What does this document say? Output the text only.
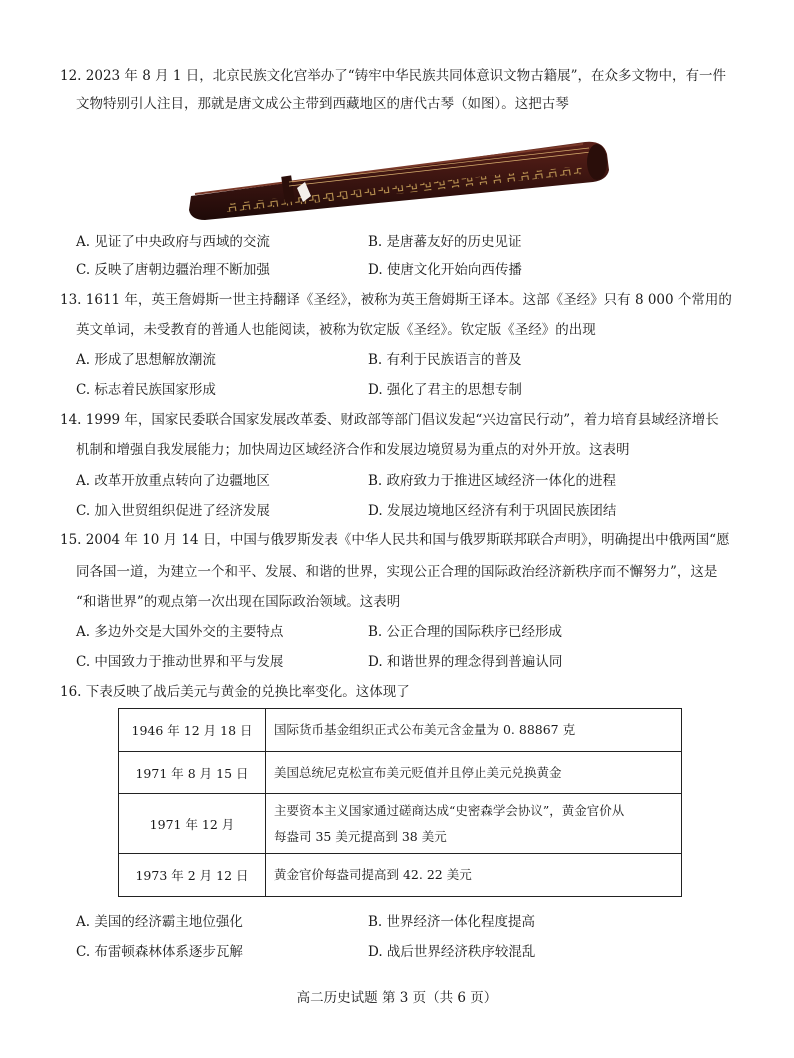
12. 2023 年 8 月 1 日，北京民族文化宫举办了“铸牢中华民族共同体意识文物古籍展”，在众多文物中，有一件
文物特别引人注目，那就是唐文成公主带到西藏地区的唐代古琴（如图）。这把古琴
A. 见证了中央政府与西域的交流	B. 是唐蕃友好的历史见证
C. 反映了唐朝边疆治理不断加强	D. 使唐文化开始向西传播
13. 1611 年，英王詹姆斯一世主持翻译《圣经》，被称为英王詹姆斯王译本。这部《圣经》只有 8 000 个常用的
英文单词，未受教育的普通人也能阅读，被称为钦定版《圣经》。钦定版《圣经》的出现
A. 形成了思想解放潮流	B. 有利于民族语言的普及
C. 标志着民族国家形成	D. 强化了君主的思想专制
14. 1999 年，国家民委联合国家发展改革委、财政部等部门倡议发起“兴边富民行动”，着力培育县域经济增长
机制和增强自我发展能力；加快周边区域经济合作和发展边境贸易为重点的对外开放。这表明
A. 改革开放重点转向了边疆地区	B. 政府致力于推进区域经济一体化的进程
C. 加入世贸组织促进了经济发展	D. 发展边境地区经济有利于巩固民族团结
15. 2004 年 10 月 14 日，中国与俄罗斯发表《中华人民共和国与俄罗斯联邦联合声明》，明确提出中俄两国“愿
同各国一道，为建立一个和平、发展、和谐的世界，实现公正合理的国际政治经济新秩序而不懈努力”，这是
“和谐世界”的观点第一次出现在国际政治领域。这表明
A. 多边外交是大国外交的主要特点	B. 公正合理的国际秩序已经形成
C. 中国致力于推动世界和平与发展	D. 和谐世界的理念得到普遍认同
16. 下表反映了战后美元与黄金的兑换比率变化。这体现了
1946 年 12 月 18 日	国际货币基金组织正式公布美元含金量为 0. 88867 克
1971 年 8 月 15 日	美国总统尼克松宣布美元贬值并且停止美元兑换黄金
1971 年 12 月	主要资本主义国家通过磋商达成“史密森学会协议”，黄金官价从
每盎司 35 美元提高到 38 美元

1973 年 2 月 12 日	黄金官价每盎司提高到 42. 22 美元
A. 美国的经济霸主地位强化	B. 世界经济一体化程度提高
C. 布雷顿森林体系逐步瓦解	D. 战后世界经济秩序较混乱
高二历史试题 第 3 页（共 6 页）
